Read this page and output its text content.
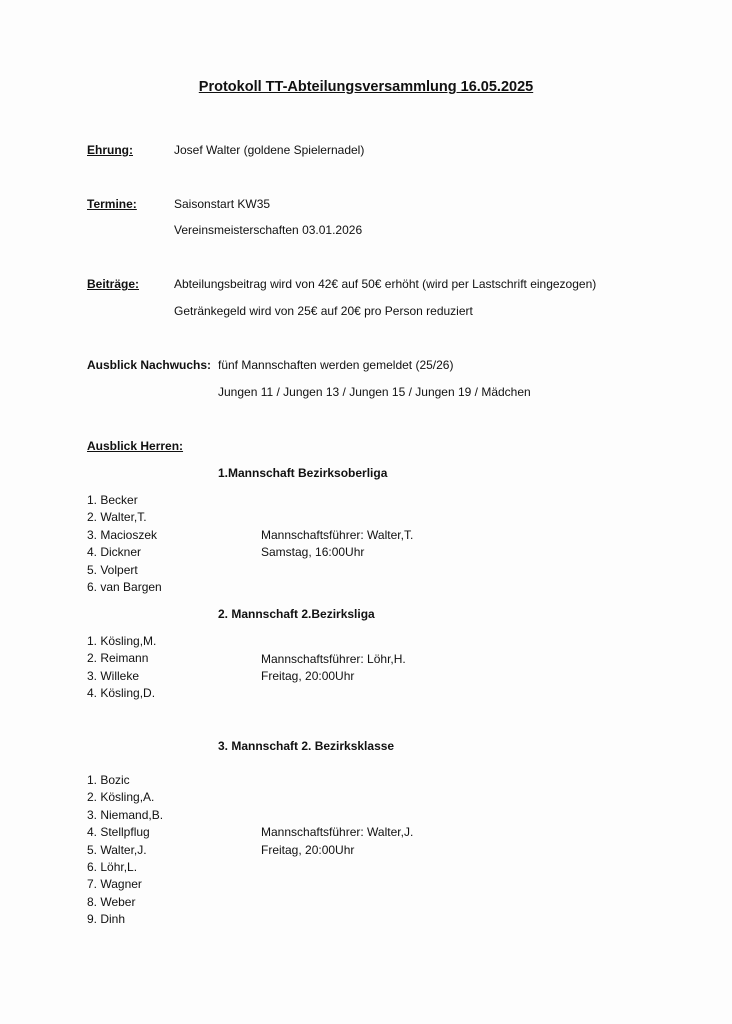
Protokoll TT-Abteilungsversammlung 16.05.2025
Ehrung:	Josef Walter (goldene Spielernadel)
Termine:	Saisonstart KW35
Vereinsmeisterschaften 03.01.2026
Beiträge:	Abteilungsbeitrag wird von 42€ auf 50€ erhöht (wird per Lastschrift eingezogen)
Getränkegeld wird von 25€ auf 20€ pro Person reduziert
Ausblick Nachwuchs: fünf Mannschaften werden gemeldet (25/26)
Jungen 11 / Jungen 13 / Jungen 15 / Jungen 19 / Mädchen
Ausblick Herren:
1.Mannschaft Bezirksoberliga
1. Becker
2. Walter,T.
3. Macioszek
4. Dickner
5. Volpert
6. van Bargen
Mannschaftsführer: Walter,T.
Samstag, 16:00Uhr
2. Mannschaft 2.Bezirksliga
1. Kösling,M.
2. Reimann
3. Willeke
4. Kösling,D.
Mannschaftsführer: Löhr,H.
Freitag, 20:00Uhr
3. Mannschaft 2. Bezirksklasse
1. Bozic
2. Kösling,A.
3. Niemand,B.
4. Stellpflug
5. Walter,J.
6. Löhr,L.
7. Wagner
8. Weber
9. Dinh
Mannschaftsführer: Walter,J.
Freitag, 20:00Uhr
